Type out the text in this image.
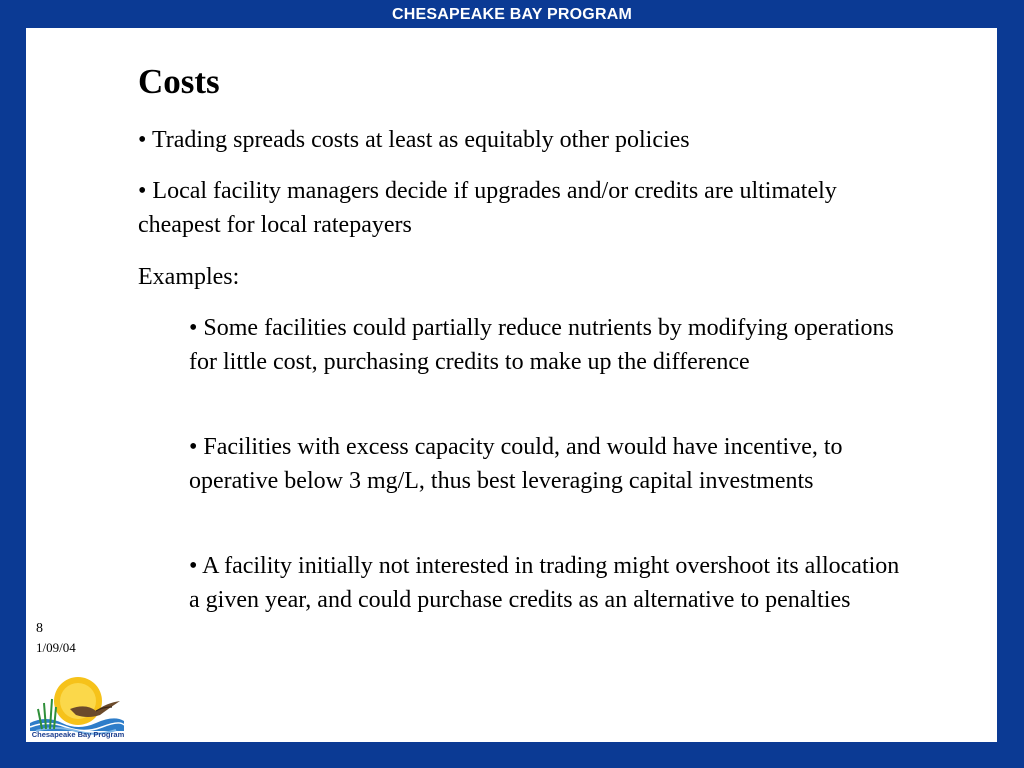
CHESAPEAKE BAY PROGRAM
Costs
• Trading spreads costs at least as equitably other policies
• Local facility managers decide if upgrades and/or credits are ultimately cheapest for local ratepayers
Examples:
• Some facilities could partially reduce nutrients by modifying operations for little cost, purchasing credits to make up the difference
• Facilities with excess capacity could, and would have incentive, to operative below 3 mg/L, thus best leveraging capital investments
• A facility initially not interested in trading might overshoot its allocation a given year, and could purchase credits as an alternative to penalties
8
1/09/04
Chesapeake Bay Program
